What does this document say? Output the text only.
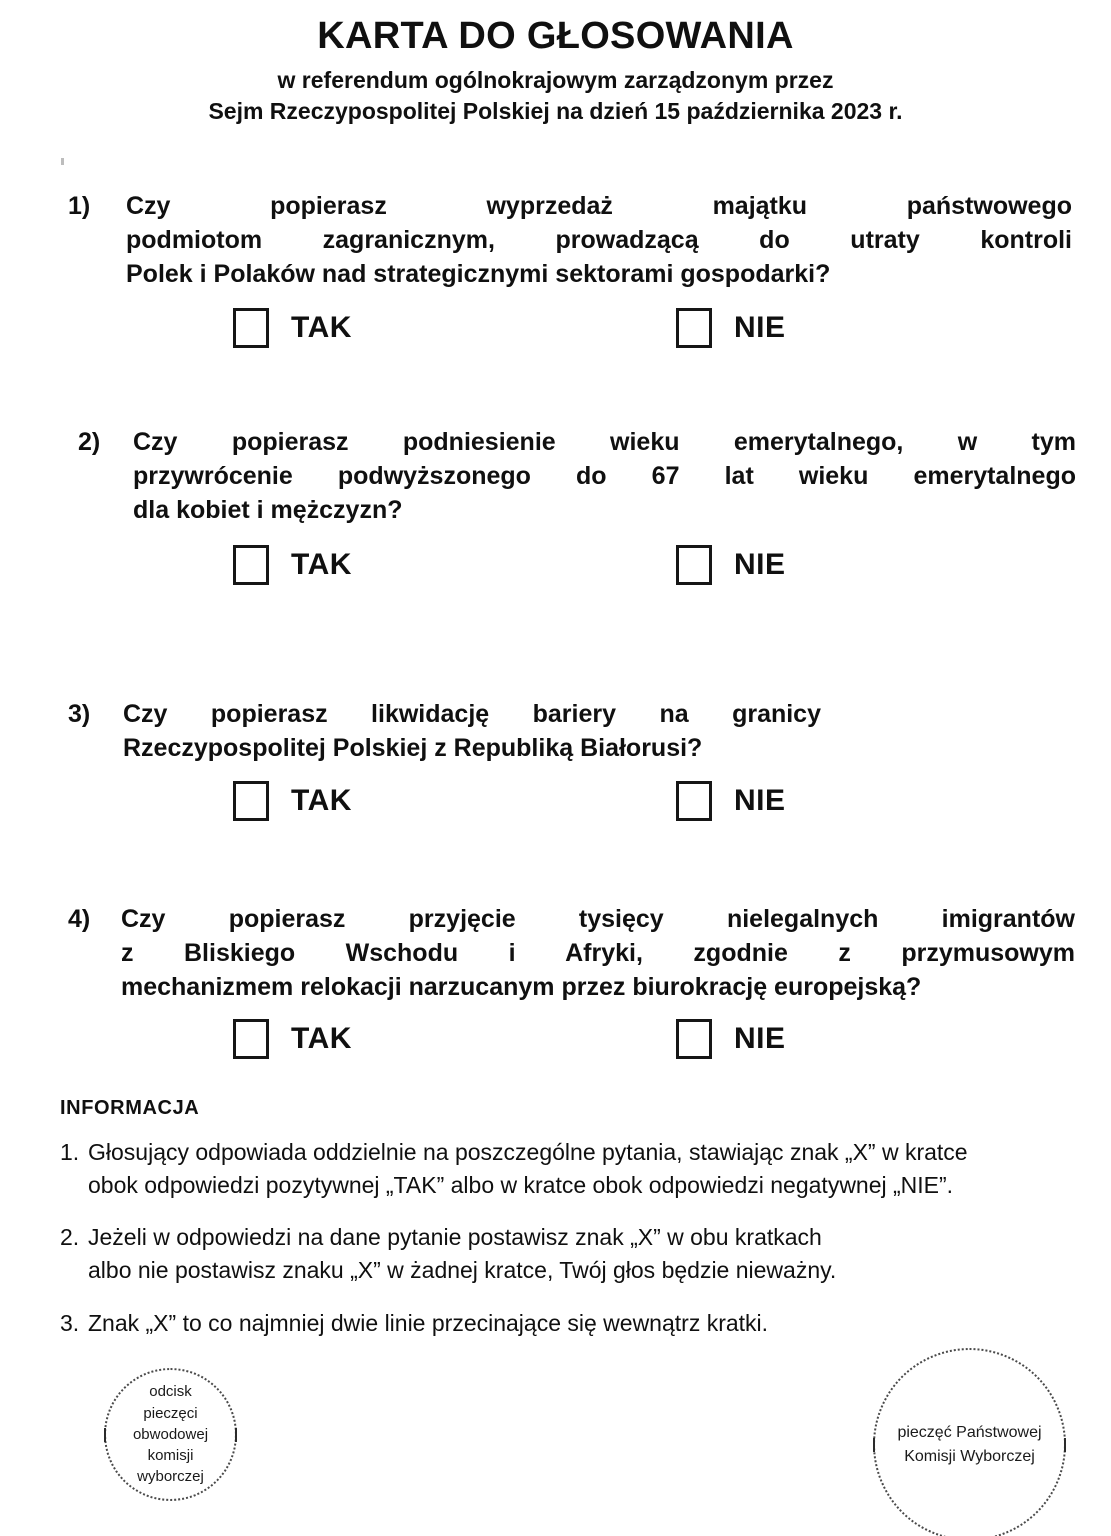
KARTA DO GŁOSOWANIA
w referendum ogólnokrajowym zarządzonym przez
Sejm Rzeczypospolitej Polskiej na dzień 15 października 2023 r.
1)	Czy popierasz wyprzedaż majątku państwowego
podmiotom zagranicznym, prowadzącą do utraty kontroli
Polek i Polaków nad strategicznymi sektorami gospodarki?
TAK	NIE
2)	Czy popierasz podniesienie wieku emerytalnego, w tym
przywrócenie podwyższonego do 67 lat wieku emerytalnego
dla kobiet i mężczyzn?
TAK	NIE
3)	Czy popierasz likwidację bariery na granicy
Rzeczypospolitej Polskiej z Republiką Białorusi?
TAK	NIE
4)	Czy popierasz przyjęcie tysięcy nielegalnych imigrantów
z Bliskiego Wschodu i Afryki, zgodnie z przymusowym
mechanizmem relokacji narzucanym przez biurokrację europejską?
TAK	NIE
INFORMACJA
1. Głosujący odpowiada oddzielnie na poszczególne pytania, stawiając znak „X” w kratce
obok odpowiedzi pozytywnej „TAK” albo w kratce obok odpowiedzi negatywnej „NIE”.
2. Jeżeli w odpowiedzi na dane pytanie postawisz znak „X” w obu kratkach
albo nie postawisz znaku „X” w żadnej kratce, Twój głos będzie nieważny.
3. Znak „X” to co najmniej dwie linie przecinające się wewnątrz kratki.
odcisk
pieczęci
obwodowej
komisji
wyborczej
pieczęć Państwowej
Komisji Wyborczej
